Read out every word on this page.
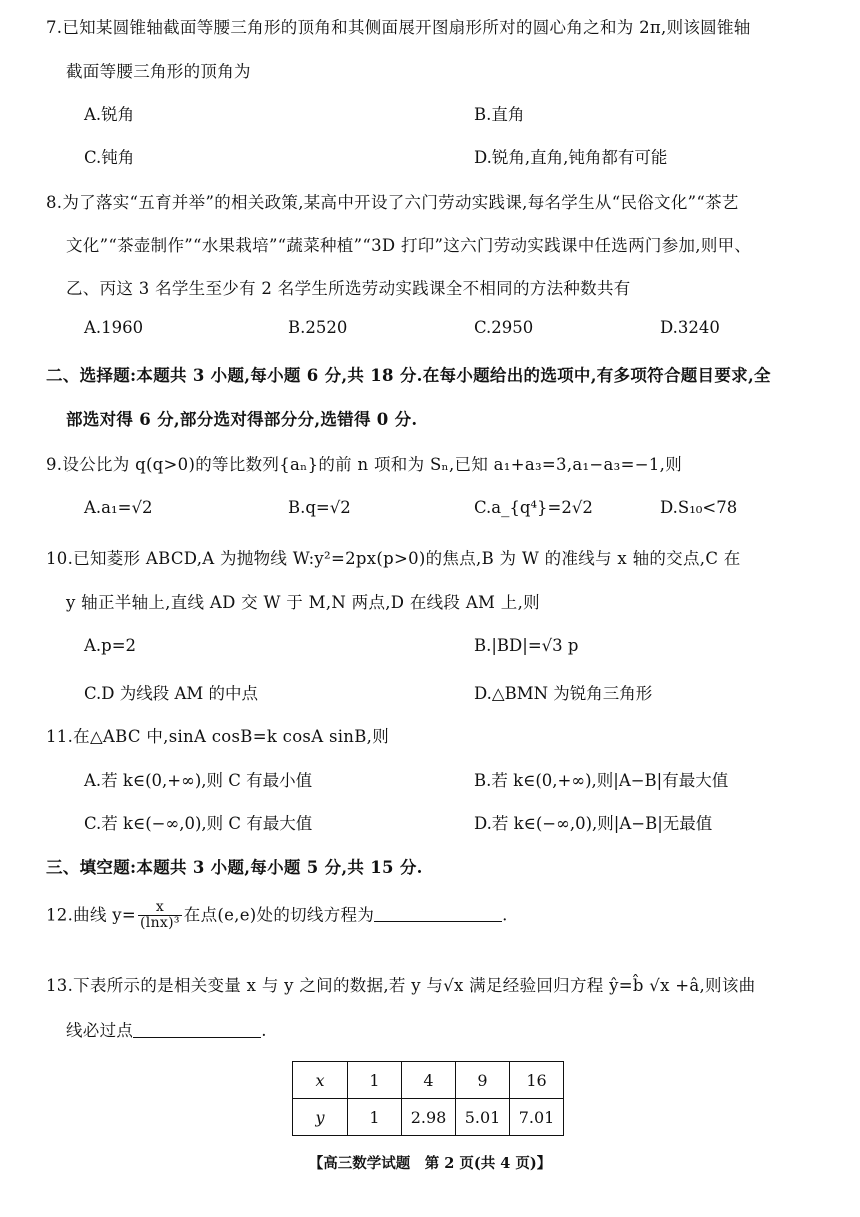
7.已知某圆锥轴截面等腰三角形的顶角和其侧面展开图扇形所对的圆心角之和为 2π,则该圆锥轴
截面等腰三角形的顶角为
A.锐角	B.直角
C.钝角	D.锐角,直角,钝角都有可能
8.为了落实“五育并举”的相关政策,某高中开设了六门劳动实践课,每名学生从“民俗文化”“茶艺
文化”“茶壶制作”“水果栽培”“蔬菜种植”“3D 打印”这六门劳动实践课中任选两门参加,则甲、
乙、丙这 3 名学生至少有 2 名学生所选劳动实践课全不相同的方法种数共有
A.1960	B.2520	C.2950	D.3240
二、选择题:本题共 3 小题,每小题 6 分,共 18 分.在每小题给出的选项中,有多项符合题目要求,全
部选对得 6 分,部分选对得部分分,选错得 0 分.
9.设公比为 q(q>0)的等比数列{aₙ}的前 n 项和为 Sₙ,已知 a₁+a₃=3,a₁−a₃=−1,则
A.a₁=√2	B.q=√2	C.a_{q⁴}=2√2	D.S₁₀<78
10.已知菱形 ABCD,A 为抛物线 W:y²=2px(p>0)的焦点,B 为 W 的准线与 x 轴的交点,C 在
y 轴正半轴上,直线 AD 交 W 于 M,N 两点,D 在线段 AM 上,则
A.p=2	B.|BD|=√3 p
C.D 为线段 AM 的中点	D.△BMN 为锐角三角形
11.在△ABC 中,sinA cosB=k cosA sinB,则
A.若 k∈(0,+∞),则 C 有最小值	B.若 k∈(0,+∞),则|A−B|有最大值
C.若 k∈(−∞,0),则 C 有最大值	D.若 k∈(−∞,0),则|A−B|无最值
三、填空题:本题共 3 小题,每小题 5 分,共 15 分.
12.曲线 $y= \frac{x}{\text{(lnx)³}}$ 在点(e,e)处的切线方程为	.
13.下表所示的是相关变量 x 与 y 之间的数据,若 y 与√x 满足经验回归方程 ŷ=b̂ √x +â,则该曲
线必过点	.
x	1	4	9	16
y	1	2.98	5.01	7.01
【高三数学试题　第 2 页(共 4 页)】
